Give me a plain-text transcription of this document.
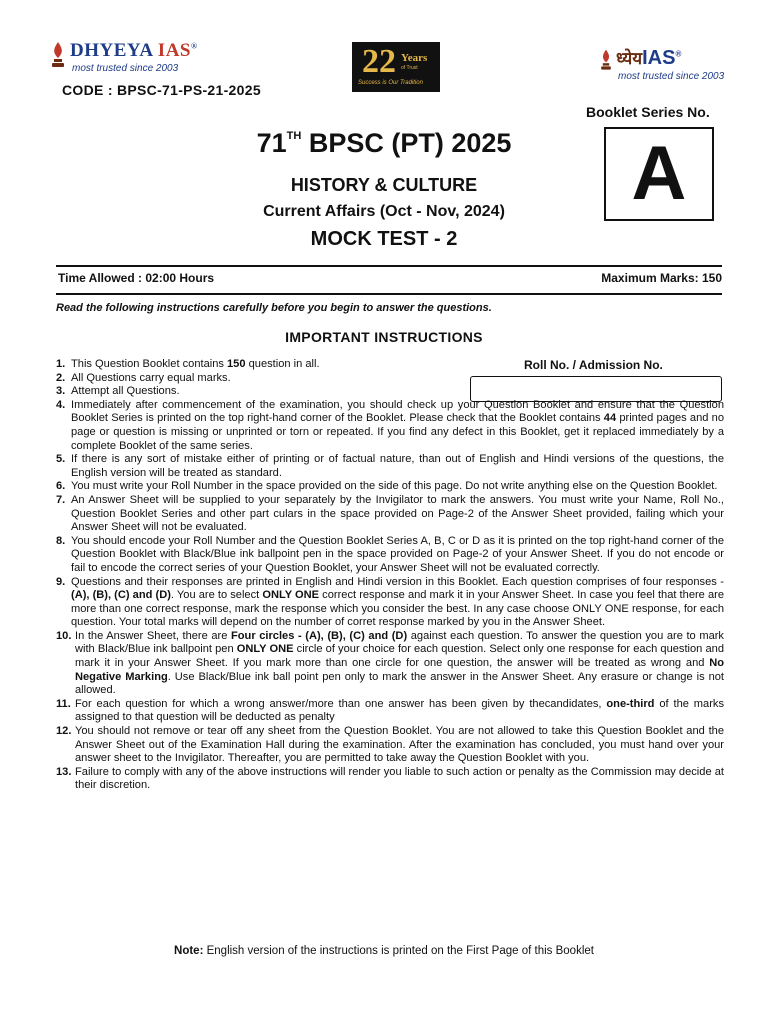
DHYEYA IAS®
most trusted since 2003	22 Years
of Trust
Success is Our Tradition
ध्येयIAS®
most trusted since 2003
CODE : BPSC-71-PS-21-2025
Booklet Series No.
A
71TH BPSC (PT) 2025
HISTORY & CULTURE
Current Affairs (Oct - Nov, 2024)
MOCK TEST - 2
Time Allowed : 02:00 Hours	Maximum Marks: 150
Read the following instructions carefully before you begin to answer the questions.
IMPORTANT INSTRUCTIONS
Roll No. / Admission No.
1. This Question Booklet contains 150 question in all.
2. All Questions carry equal marks.
3. Attempt all Questions.
4. Immediately after commencement of the examination, you should check up your Question Booklet and ensure that the Question Booklet Series is printed on the top right-hand corner of the Booklet. Please check that the Booklet contains 44 printed pages and no page or question is missing or unprinted or torn or repeated. If you find any defect in this Booklet, get it replaced immediately by a complete Booklet of the same series.
5. If there is any sort of mistake either of printing or of factual nature, than out of English and Hindi versions of the questions, the English version will be treated as standard.
6. You must write your Roll Number in the space provided on the side of this page. Do not write anything else on the Question Booklet.
7. An Answer Sheet will be supplied to your separately by the Invigilator to mark the answers. You must write your Name, Roll No., Question Booklet Series and other part culars in the space provided on Page-2 of the Answer Sheet provided, failing which your Answer Sheet will not be evaluated.
8. You should encode your Roll Number and the Question Booklet Series A, B, C or D as it is printed on the top right-hand corner of the Question Booklet with Black/Blue ink ballpoint pen in the space provided on Page-2 of your Answer Sheet. If you do not encode or fail to encode the correct series of your Question Booklet, your Answer Sheet will not be evaluated correctly.
9. Questions and their responses are printed in English and Hindi version in this Booklet. Each question comprises of four responses - (A), (B), (C) and (D). You are to select ONLY ONE correct response and mark it in your Answer Sheet. In case you feel that there are more than one correct response, mark the response which you consider the best. In any case choose ONLY ONE response, for each question. Your total marks will depend on the number of corret response marked by you in the Answer Sheet.
10. In the Answer Sheet, there are Four circles - (A), (B), (C) and (D) against each question. To answer the question you are to mark with Black/Blue ink ballpoint pen ONLY ONE circle of your choice for each question. Select only one response for each question and mark it in your Answer Sheet. If you mark more than one circle for one question, the answer will be treated as wrong and No Negative Marking. Use Black/Blue ink ball point pen only to mark the answer in the Answer Sheet. Any erasure or change is not allowed.
11. For each question for which a wrong answer/more than one answer has been given by thecandidates, one-third of the marks assigned to that question will be deducted as penalty
12. You should not remove or tear off any sheet from the Question Booklet. You are not allowed to take this Question Booklet and the Answer Sheet out of the Examination Hall during the examination. After the examination has concluded, you must hand over your answer sheet to the Invigilator. Thereafter, you are permitted to take away the Question Booklet with you.
13. Failure to comply with any of the above instructions will render you liable to such action or penalty as the Commission may decide at their discretion.
Note: English version of the instructions is printed on the First Page of this Booklet
